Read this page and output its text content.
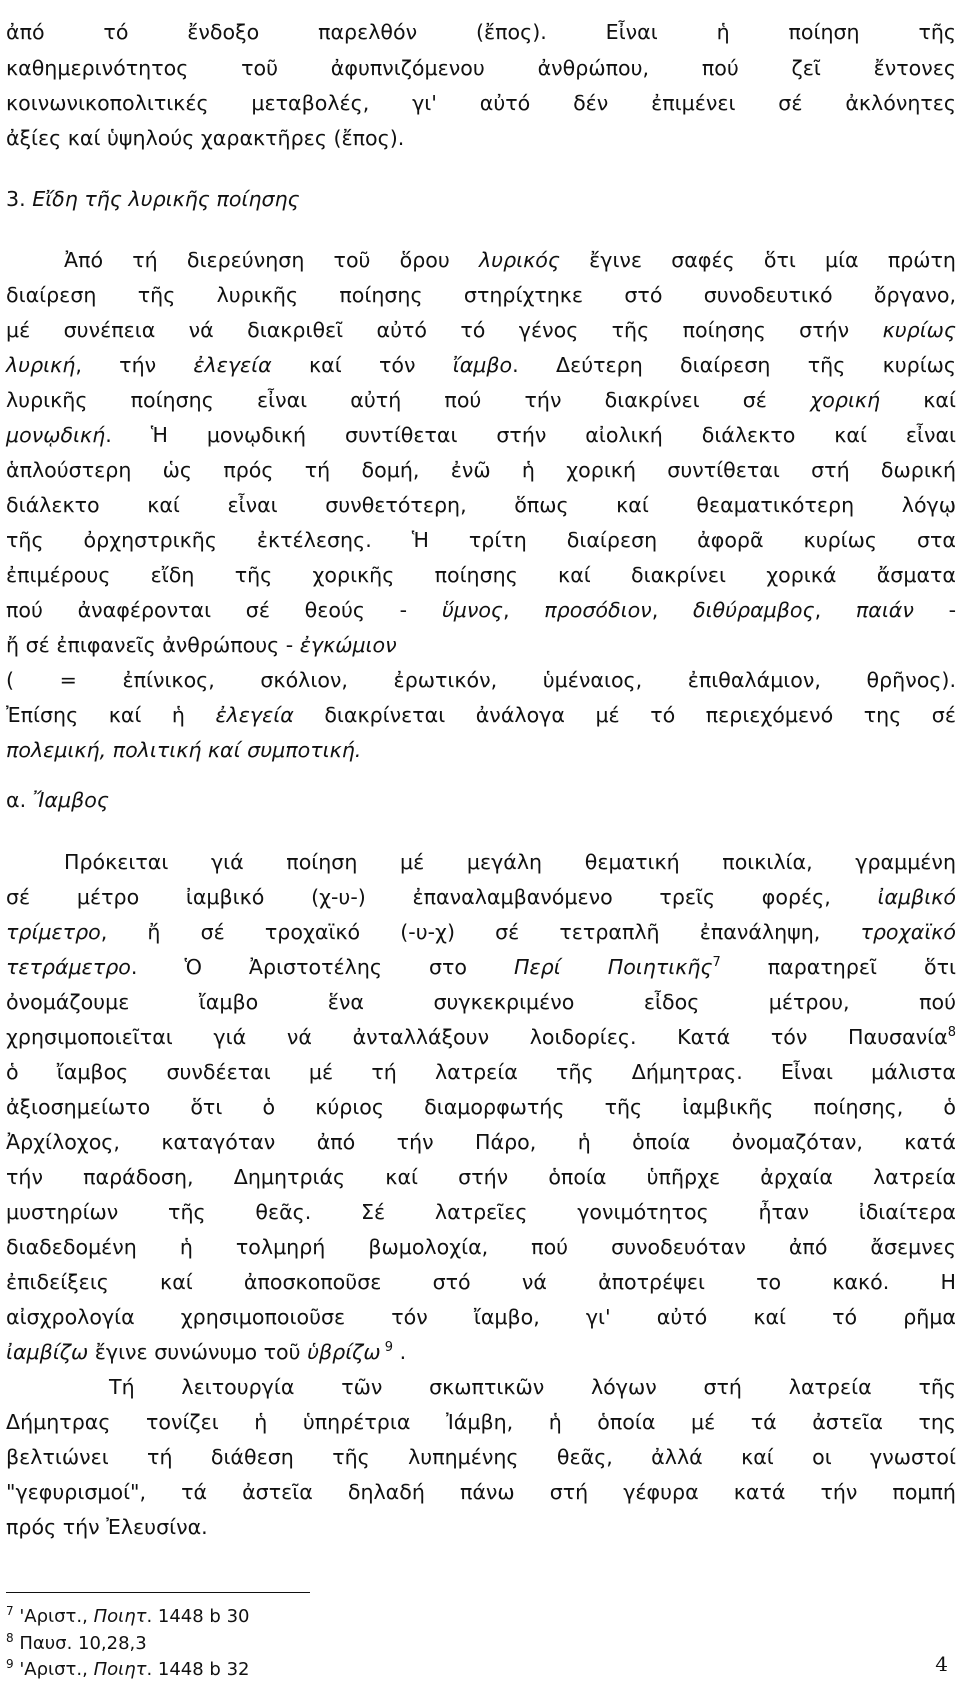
ἀπό τό ἔνδοξο παρελθόν (ἔπος). Εἶναι ἡ ποίηση τῆς
καθημερινότητος τοῦ ἀφυπνιζόμενου ἀνθρώπου, πού ζεῖ ἔντονες
κοινωνικοπολιτικές μεταβολές, γι' αὐτό δέν ἐπιμένει σέ ἀκλόνητες
ἀξίες καί ὑψηλούς χαρακτῆρες (ἔπος).
3. Εἴδη τῆς λυρικῆς ποίησης
Ἀπό τή διερεύνηση τοῦ ὅρου λυρικός ἔγινε σαφές ὅτι μία πρώτη
διαίρεση τῆς λυρικῆς ποίησης στηρίχτηκε στό συνοδευτικό ὄργανο,
μέ συνέπεια νά διακριθεῖ αὐτό τό γένος τῆς ποίησης στήν κυρίως
λυρική, τήν ἐλεγεία καί τόν ἴαμβο. Δεύτερη διαίρεση τῆς κυρίως
λυρικῆς ποίησης εἶναι αὐτή πού τήν διακρίνει σέ χορική καί
μονῳδική. Ἡ μονῳδική συντίθεται στήν αἰολική διάλεκτο καί εἶναι
ἁπλούστερη ὡς πρός τή δομή, ἐνῶ ἡ χορική συντίθεται στή δωρική
διάλεκτο καί εἶναι συνθετότερη, ὅπως καί θεαματικότερη λόγῳ
τῆς ὀρχηστρικῆς ἐκτέλεσης. Ἡ τρίτη διαίρεση ἀφορᾶ κυρίως στα
ἐπιμέρους εἴδη τῆς χορικῆς ποίησης καί διακρίνει χορικά ἄσματα
πού ἀναφέρονται σέ θεούς - ὕμνος, προσόδιον, διθύραμβος, παιάν -
ἤ σέ ἐπιφανεῖς ἀνθρώπους - ἐγκώμιον
( = ἐπίνικος, σκόλιον, ἐρωτικόν, ὑμέναιος, ἐπιθαλάμιον, θρῆνος).
Ἐπίσης καί ἡ ἐλεγεία διακρίνεται ἀνάλογα μέ τό περιεχόμενό της σέ
πολεμική, πολιτική καί συμποτική.
α. Ἴαμβος
Πρόκειται γιά ποίηση μέ μεγάλη θεματική ποικιλία, γραμμένη
σέ μέτρο ἰαμβικό (χ-υ-) ἐπαναλαμβανόμενο τρεῖς φορές, ἰαμβικό
τρίμετρο, ἤ σέ τροχαϊκό (-υ-χ) σέ τετραπλῆ ἐπανάληψη, τροχαϊκό
τετράμετρο. Ὁ Ἀριστοτέλης στο Περί Ποιητικῆς$^7$ παρατηρεῖ ὅτι
ὀνομάζουμε ἴαμβο ἕνα συγκεκριμένο εἶδος μέτρου, πού
χρησιμοποιεῖται γιά νά ἀνταλλάξουν λοιδορίες. Κατά τόν Παυσανία$^8$
ὁ ἴαμβος συνδέεται μέ τή λατρεία τῆς Δήμητρας. Εἶναι μάλιστα
ἀξιοσημείωτο ὅτι ὁ κύριος διαμορφωτής τῆς ἰαμβικῆς ποίησης, ὁ
Ἀρχίλοχος, καταγόταν ἀπό τήν Πάρο, ἡ ὁποία ὀνομαζόταν, κατά
τήν παράδοση, Δημητριάς καί στήν ὁποία ὑπῆρχε ἀρχαία λατρεία
μυστηρίων τῆς θεᾶς. Σέ λατρεῖες γονιμότητος ἦταν ἰδιαίτερα
διαδεδομένη ἡ τολμηρή βωμολοχία, πού συνοδευόταν ἀπό ἄσεμνες
ἐπιδείξεις καί ἀποσκοποῦσε στό νά ἀποτρέψει το κακό. Η
αἰσχρολογία χρησιμοποιοῦσε τόν ἴαμβο, γι' αὐτό καί τό ρῆμα
ἰαμβίζω ἔγινε συνώνυμο τοῦ ὑβρίζω $^9$ .
Τή λειτουργία τῶν σκωπτικῶν λόγων στή λατρεία τῆς
Δήμητρας τονίζει ἡ ὑπηρέτρια Ἰάμβη, ἡ ὁποία μέ τά ἀστεῖα της
βελτιώνει τή διάθεση τῆς λυπημένης θεᾶς, ἀλλά καί οι γνωστοί
"γεφυρισμοί", τά ἀστεῖα δηλαδή πάνω στή γέφυρα κατά τήν πομπή
πρός τήν Ἐλευσίνα.
$^7$ 'Αριστ., Ποιητ. 1448 b 30
$^8$ Παυσ. 10,28,3
$^9$ 'Αριστ., Ποιητ. 1448 b 32	4
